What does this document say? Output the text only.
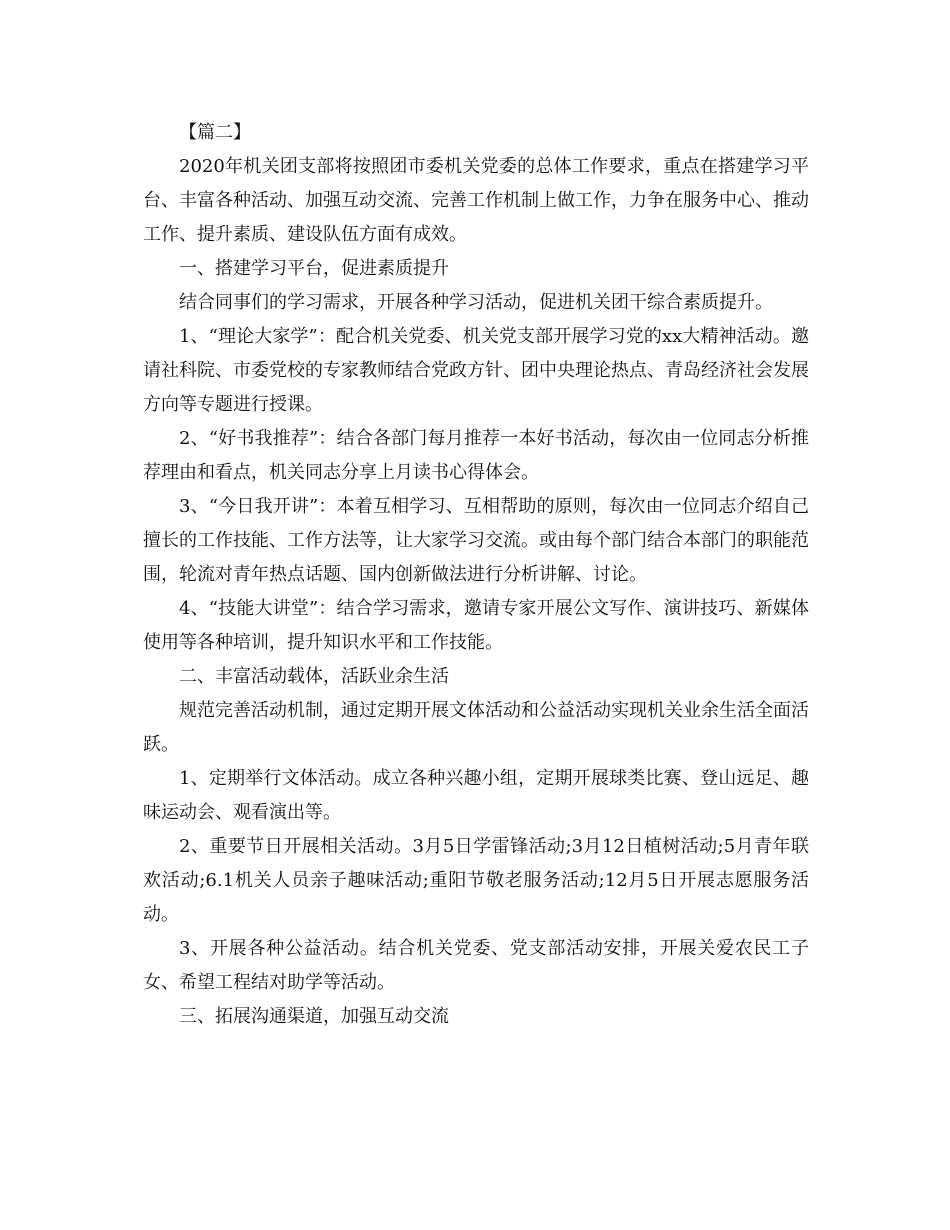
【篇二】

2020年机关团支部将按照团市委机关党委的总体工作要求，重点在搭建学习平台、丰富各种活动、加强互动交流、完善工作机制上做工作，力争在服务中心、推动工作、提升素质、建设队伍方面有成效。

一、搭建学习平台，促进素质提升

结合同事们的学习需求，开展各种学习活动，促进机关团干综合素质提升。

1、“理论大家学”：配合机关党委、机关党支部开展学习党的xx大精神活动。邀请社科院、市委党校的专家教师结合党政方针、团中央理论热点、青岛经济社会发展方向等专题进行授课。

2、“好书我推荐”：结合各部门每月推荐一本好书活动，每次由一位同志分析推荐理由和看点，机关同志分享上月读书心得体会。

3、“今日我开讲”：本着互相学习、互相帮助的原则，每次由一位同志介绍自己擅长的工作技能、工作方法等，让大家学习交流。或由每个部门结合本部门的职能范围，轮流对青年热点话题、国内创新做法进行分析讲解、讨论。

4、“技能大讲堂”：结合学习需求，邀请专家开展公文写作、演讲技巧、新媒体使用等各种培训，提升知识水平和工作技能。

二、丰富活动载体，活跃业余生活

规范完善活动机制，通过定期开展文体活动和公益活动实现机关业余生活全面活跃。

1、定期举行文体活动。成立各种兴趣小组，定期开展球类比赛、登山远足、趣味运动会、观看演出等。

2、重要节日开展相关活动。3月5日学雷锋活动;3月12日植树活动;5月青年联欢活动;6.1机关人员亲子趣味活动;重阳节敬老服务活动;12月5日开展志愿服务活动。

3、开展各种公益活动。结合机关党委、党支部活动安排，开展关爱农民工子女、希望工程结对助学等活动。

三、拓展沟通渠道，加强互动交流
